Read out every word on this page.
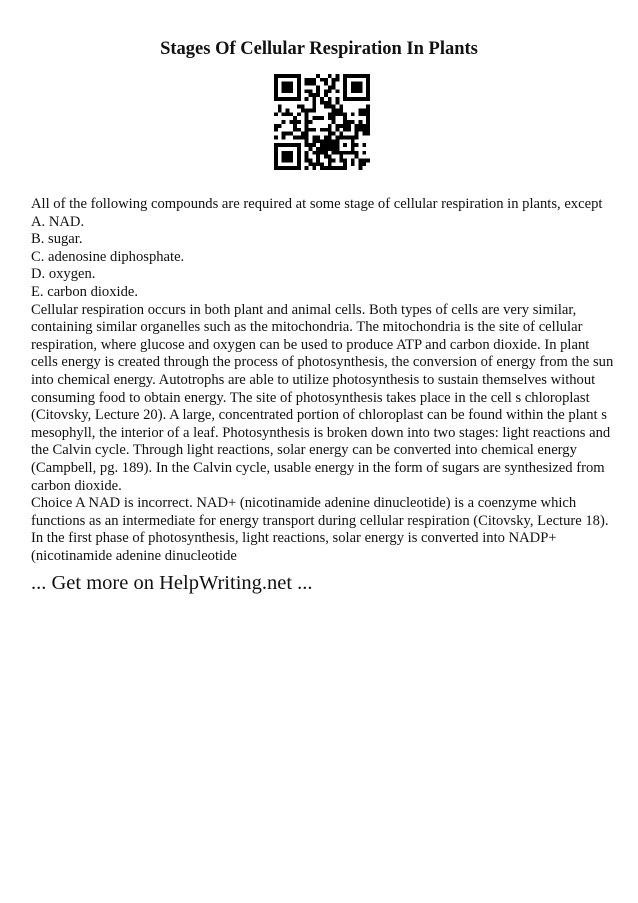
Stages Of Cellular Respiration In Plants

All of the following compounds are required at some stage of cellular respiration in plants, except

A. NAD.

B. sugar.

C. adenosine diphosphate.

D. oxygen.

E. carbon dioxide.

Cellular respiration occurs in both plant and animal cells. Both types of cells are very similar, containing similar organelles such as the mitochondria. The mitochondria is the site of cellular respiration, where glucose and oxygen can be used to produce ATP and carbon dioxide. In plant cells energy is created through the process of photosynthesis, the conversion of energy from the sun into chemical energy. Autotrophs are able to utilize photosynthesis to sustain themselves without consuming food to obtain energy. The site of photosynthesis takes place in the cell s chloroplast (Citovsky, Lecture 20). A large, concentrated portion of chloroplast can be found within the plant s mesophyll, the interior of a leaf. Photosynthesis is broken down into two stages: light reactions and the Calvin cycle. Through light reactions, solar energy can be converted into chemical energy (Campbell, pg. 189). In the Calvin cycle, usable energy in the form of sugars are synthesized from carbon dioxide.

Choice A NAD is incorrect. NAD+ (nicotinamide adenine dinucleotide) is a coenzyme which functions as an intermediate for energy transport during cellular respiration (Citovsky, Lecture 18). In the first phase of photosynthesis, light reactions, solar energy is converted into NADP+ (nicotinamide adenine dinucleotide

... Get more on HelpWriting.net ...
